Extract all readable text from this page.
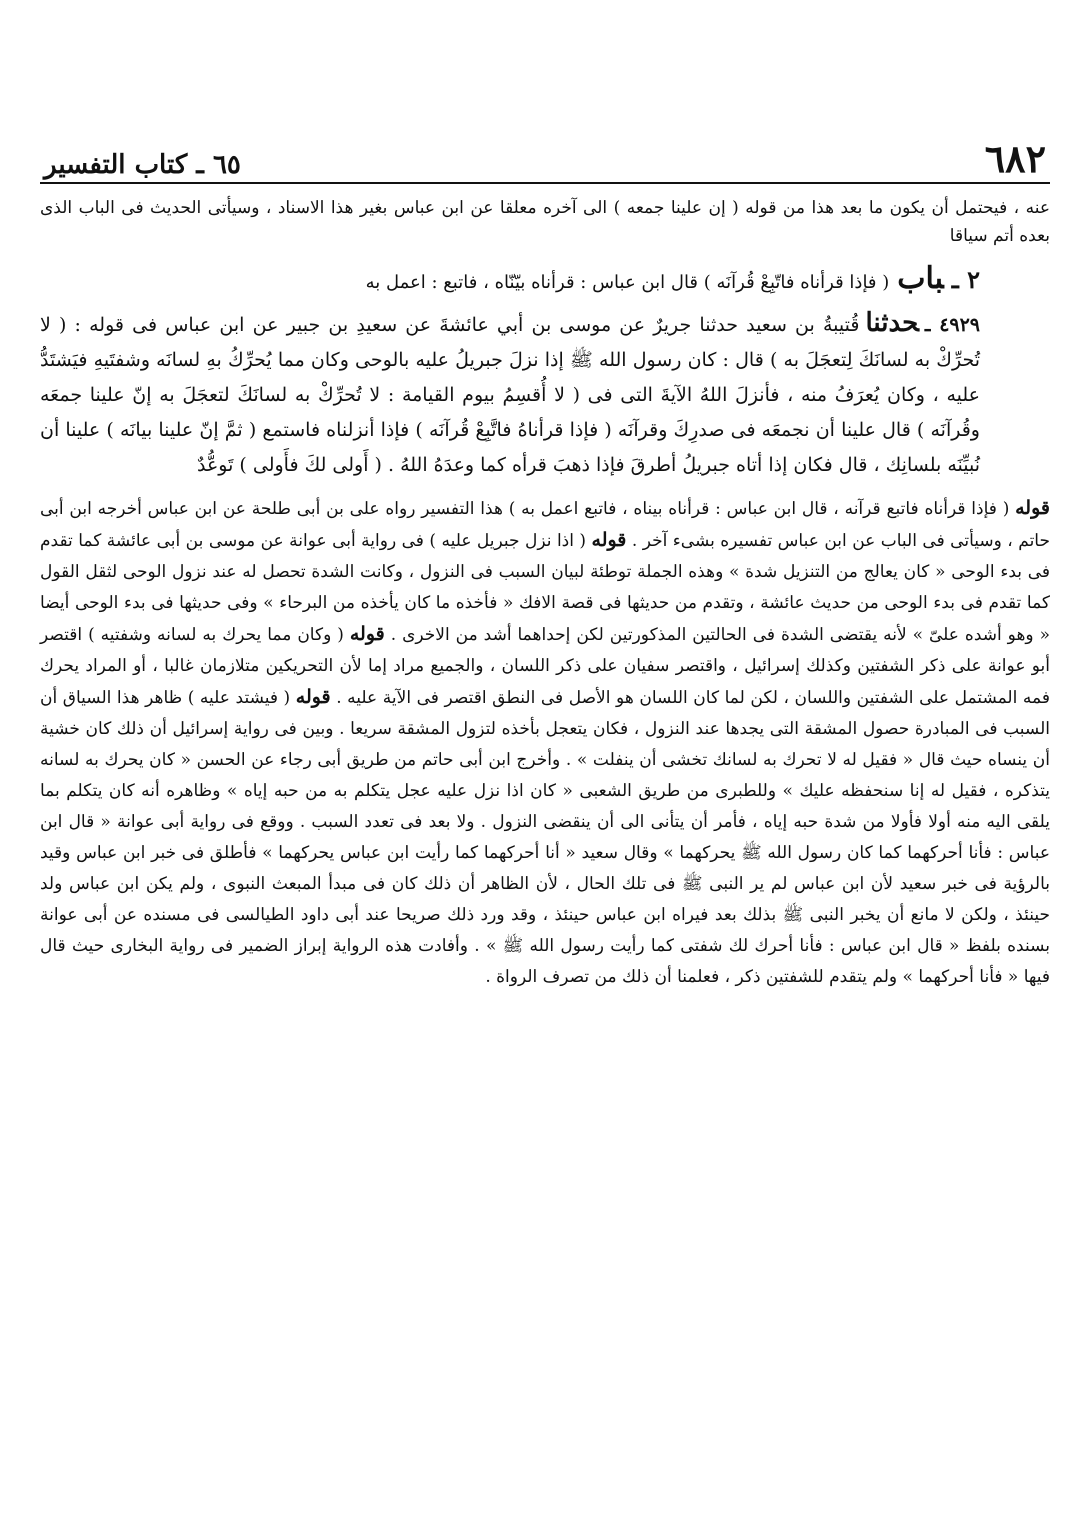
٦٨٢
٦٥ ـ كتاب التفسير

عنه ، فيحتمل أن يكون ما بعد هذا من قوله ( إن علينا جمعه ) الى آخره معلقا عن ابن عباس بغير هذا الاسناد ، وسيأتى الحديث فى الباب الذى بعده أتم سياقا

٢ ـباب( فإذا قرأناه فاتّبِعْ قُرآنَه ) قال ابن عباس : قرأناه بيّنّاه ، فاتبع : اعمل به

٤٩٢٩ ـحدثناقُتيبةُ بن سعيد حدثنا جريرٌ عن موسى بن أبي عائشةَ عن سعيدِ بن جبير عن ابن عباس فى قوله : ( لا تُحرِّكْ به لسانَكَ لِتعجَلَ به ) قال : كان رسول الله ﷺ إذا نزلَ جبريلُ عليه بالوحى وكان مما يُحرِّكُ بهِ لسانَه وشفتَيهِ فيَشتَدُّ عليه ، وكان يُعرَفُ منه ، فأنزلَ اللهُ الآيةَ التى فى ( لا أُقسِمُ بيوم القيامة : لا تُحرِّكْ به لسانَكَ لتعجَلَ به إنّ علينا جمعَه وقُرآنَه ) قال علينا أن نجمعَه فى صدرِكَ وقرآنَه ( فإذا قرأناهُ فاتَّبِعْ قُرآنَه ) فإذا أنزلناه فاستمع ( ثمَّ إنّ علينا بيانَه ) علينا أن نُبيِّنَه بلسانِك ، قال فكان إذا أتاه جبريلُ أطرقَ فإذا ذهبَ قرأه كما وعدَهُ اللهُ . ( أَولى لكَ فأَولى ) تَوعُّدٌ

قوله ( فإذا قرأناه فاتبع قرآنه ، قال ابن عباس : قرأناه بيناه ، فاتبع اعمل به ) هذا التفسير رواه على بن أبى طلحة عن ابن عباس أخرجه ابن أبى حاتم ، وسيأتى فى الباب عن ابن عباس تفسيره بشىء آخر . قوله ( اذا نزل جبريل عليه ) فى رواية أبى عوانة عن موسى بن أبى عائشة كما تقدم فى بدء الوحى « كان يعالج من التنزيل شدة » وهذه الجملة توطئة لبيان السبب فى النزول ، وكانت الشدة تحصل له عند نزول الوحى لثقل القول كما تقدم فى بدء الوحى من حديث عائشة ، وتقدم من حديثها فى قصة الافك « فأخذه ما كان يأخذه من البرحاء » وفى حديثها فى بدء الوحى أيضا « وهو أشده علىّ » لأنه يقتضى الشدة فى الحالتين المذكورتين لكن إحداهما أشد من الاخرى . قوله ( وكان مما يحرك به لسانه وشفتيه ) اقتصر أبو عوانة على ذكر الشفتين وكذلك إسرائيل ، واقتصر سفيان على ذكر اللسان ، والجميع مراد إما لأن التحريكين متلازمان غالبا ، أو المراد يحرك فمه المشتمل على الشفتين واللسان ، لكن لما كان اللسان هو الأصل فى النطق اقتصر فى الآية عليه . قوله ( فيشتد عليه ) ظاهر هذا السياق أن السبب فى المبادرة حصول المشقة التى يجدها عند النزول ، فكان يتعجل بأخذه لتزول المشقة سريعا . وبين فى رواية إسرائيل أن ذلك كان خشية أن ينساه حيث قال « فقيل له لا تحرك به لسانك تخشى أن ينفلت » . وأخرج ابن أبى حاتم من طريق أبى رجاء عن الحسن « كان يحرك به لسانه يتذكره ، فقيل له إنا سنحفظه عليك » وللطبرى من طريق الشعبى « كان اذا نزل عليه عجل يتكلم به من حبه إياه » وظاهره أنه كان يتكلم بما يلقى اليه منه أولا فأولا من شدة حبه إياه ، فأمر أن يتأنى الى أن ينقضى النزول . ولا بعد فى تعدد السبب . ووقع فى رواية أبى عوانة « قال ابن عباس : فأنا أحركهما كما كان رسول الله ﷺ يحركهما » وقال سعيد « أنا أحركهما كما رأيت ابن عباس يحركهما » فأطلق فى خبر ابن عباس وقيد بالرؤية فى خبر سعيد لأن ابن عباس لم ير النبى ﷺ فى تلك الحال ، لأن الظاهر أن ذلك كان فى مبدأ المبعث النبوى ، ولم يكن ابن عباس ولد حينئذ ، ولكن لا مانع أن يخبر النبى ﷺ بذلك بعد فيراه ابن عباس حينئذ ، وقد ورد ذلك صريحا عند أبى داود الطيالسى فى مسنده عن أبى عوانة بسنده بلفظ « قال ابن عباس : فأنا أحرك لك شفتى كما رأيت رسول الله ﷺ » . وأفادت هذه الرواية إبراز الضمير فى رواية البخارى حيث قال فيها « فأنا أحركهما » ولم يتقدم للشفتين ذكر ، فعلمنا أن ذلك من تصرف الرواة .
